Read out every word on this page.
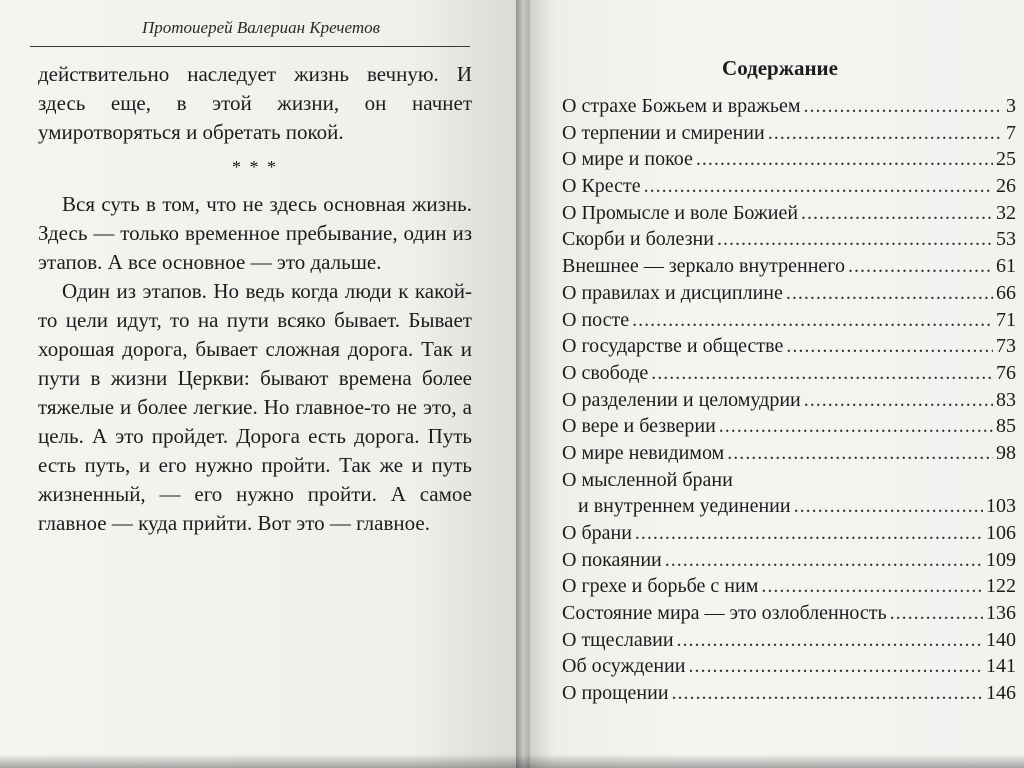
Протоиерей Валериан Кречетов

действительно наследует жизнь вечную. И здесь еще, в этой жизни, он начнет умиротворяться и обретать покой.

* * *

Вся суть в том, что не здесь основная жизнь. Здесь — только временное пребывание, один из этапов. А все основное — это дальше.

Один из этапов. Но ведь когда люди к какой-то цели идут, то на пути всяко бывает. Бывает хорошая дорога, бывает сложная дорога. Так и пути в жизни Церкви: бывают времена более тяжелые и более легкие. Но главное-то не это, а цель. А это пройдет. Дорога есть дорога. Путь есть путь, и его нужно пройти. Так же и путь жизненный, — его нужно пройти. А самое главное — куда прийти. Вот это — главное.

Содержание
О страхе Божьем и вражьем .....	3
О терпении и смирении .....	7
О мире и покое .....	25
О Кресте .....	26
О Промысле и воле Божией .....	32
Скорби и болезни .....	53
Внешнее — зеркало внутреннего .....	61
О правилах и дисциплине .....	66
О посте .....	71
О государстве и обществе .....	73
О свободе .....	76
О разделении и целомудрии .....	83
О вере и безверии .....	85
О мире невидимом .....	98
О мысленной брани
и внутреннем уединении .....	103
О брани .....	106
О покаянии .....	109
О грехе и борьбе с ним .....	122
Состояние мира — это озлобленность .....	136
О тщеславии .....	140
Об осуждении .....	141
О прощении .....	146
